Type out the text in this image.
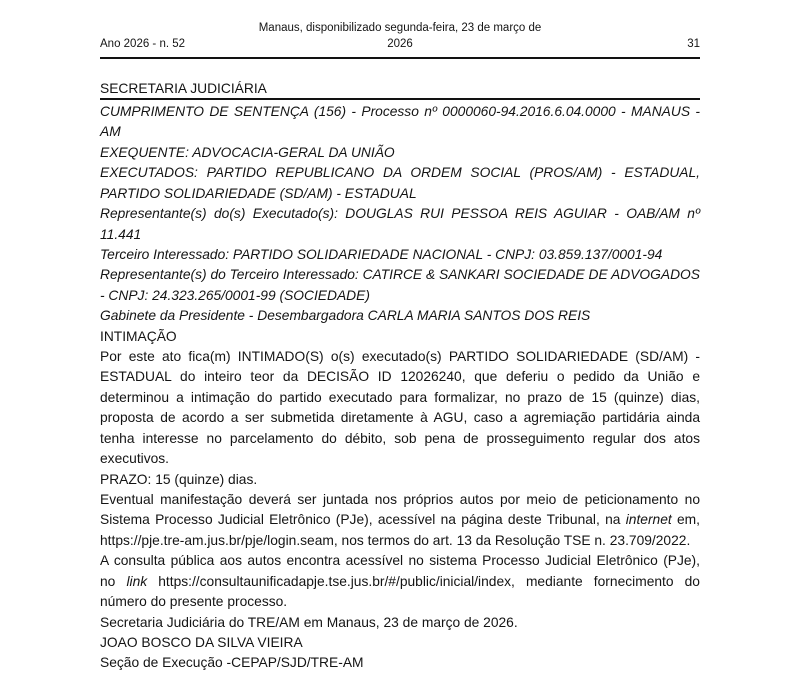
Ano 2026 - n. 52
Manaus, disponibilizado segunda-feira, 23 de março de
2026	31
SECRETARIA JUDICIÁRIA
CUMPRIMENTO DE SENTENÇA (156) - Processo nº 0000060-94.2016.6.04.0000 - MANAUS - AM
EXEQUENTE: ADVOCACIA-GERAL DA UNIÃO
EXECUTADOS: PARTIDO REPUBLICANO DA ORDEM SOCIAL (PROS/AM) - ESTADUAL, PARTIDO SOLIDARIEDADE (SD/AM) - ESTADUAL
Representante(s) do(s) Executado(s): DOUGLAS RUI PESSOA REIS AGUIAR - OAB/AM nº 11.441
Terceiro Interessado: PARTIDO SOLIDARIEDADE NACIONAL - CNPJ: 03.859.137/0001-94
Representante(s) do Terceiro Interessado: CATIRCE & SANKARI SOCIEDADE DE ADVOGADOS - CNPJ: 24.323.265/0001-99 (SOCIEDADE)
Gabinete da Presidente - Desembargadora CARLA MARIA SANTOS DOS REIS
INTIMAÇÃO
Por este ato fica(m) INTIMADO(S) o(s) executado(s) PARTIDO SOLIDARIEDADE (SD/AM) - ESTADUAL do inteiro teor da DECISÃO ID 12026240, que deferiu o pedido da União e determinou a intimação do partido executado para formalizar, no prazo de 15 (quinze) dias, proposta de acordo a ser submetida diretamente à AGU, caso a agremiação partidária ainda tenha interesse no parcelamento do débito, sob pena de prosseguimento regular dos atos executivos.
PRAZO: 15 (quinze) dias.
Eventual manifestação deverá ser juntada nos próprios autos por meio de peticionamento no Sistema Processo Judicial Eletrônico (PJe), acessível na página deste Tribunal, na internet em, https://pje.tre-am.jus.br/pje/login.seam, nos termos do art. 13 da Resolução TSE n. 23.709/2022.
A consulta pública aos autos encontra acessível no sistema Processo Judicial Eletrônico (PJe), no link https://consultaunificadapje.tse.jus.br/#/public/inicial/index, mediante fornecimento do número do presente processo.
Secretaria Judiciária do TRE/AM em Manaus, 23 de março de 2026.
JOAO BOSCO DA SILVA VIEIRA
Seção de Execução -CEPAP/SJD/TRE-AM
